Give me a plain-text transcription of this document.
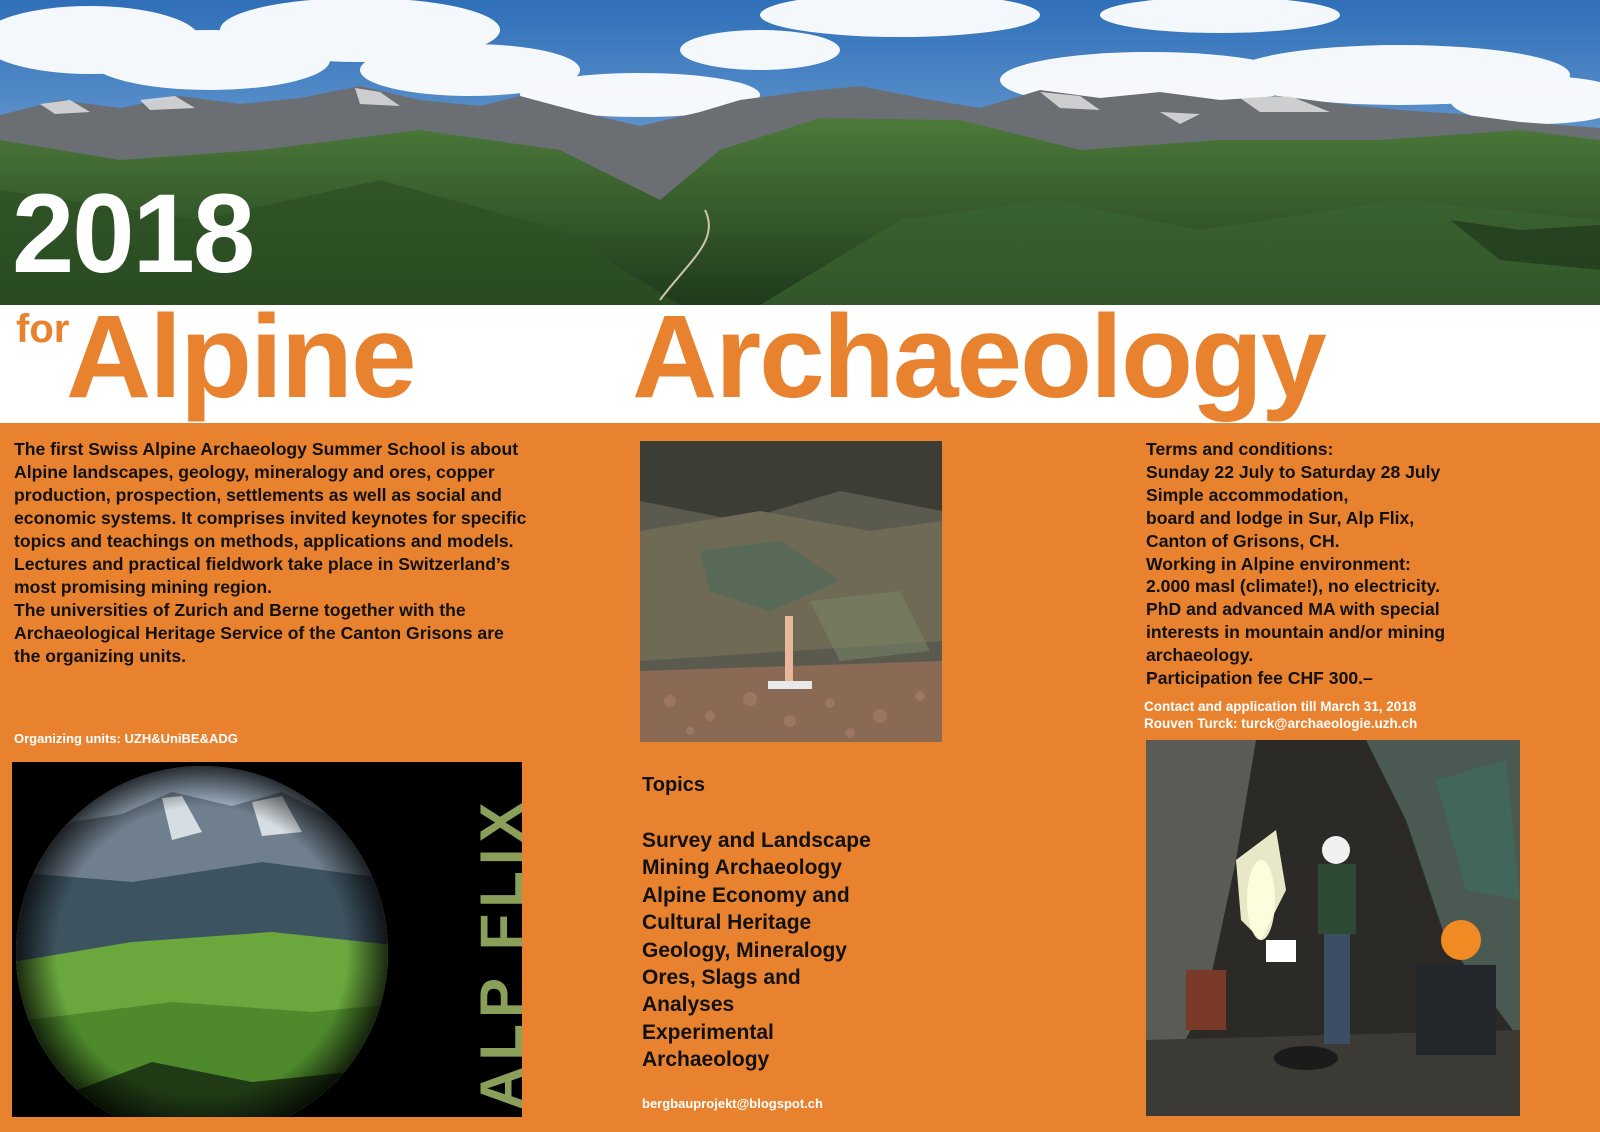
2018
Alpine
for	Archaeology

The first Swiss Alpine Archaeology Summer School is about Alpine landscapes, geology, mineralogy and ores, copper production, prospection, settlements as well as social and economic systems. It comprises invited keynotes for specific topics and teachings on methods, applications and models. Lectures and practical fieldwork take place in Switzerland’s most promising mining region.

The universities of Zurich and Berne together with the Archaeological Heritage Service of the Canton Grisons are the organizing units.

Organizing units: UZH&UniBE&ADG
ALP FLIX
Topics
Survey and Landscape
Mining Archaeology
Alpine Economy and
Cultural Heritage
Geology, Mineralogy
Ores, Slags and
Analyses
Experimental
Archaeology
bergbauprojekt@blogspot.ch
Terms and conditions:
Sunday 22 July to Saturday 28 July
Simple accommodation,
board and lodge in Sur, Alp Flix,
Canton of Grisons, CH.
Working in Alpine environment:
2.000 masl (climate!), no electricity.
PhD and advanced MA with special
interests in mountain and/or mining
archaeology.
Participation fee CHF 300.–
Contact and application till March 31, 2018
Rouven Turck: turck@archaeologie.uzh.ch
